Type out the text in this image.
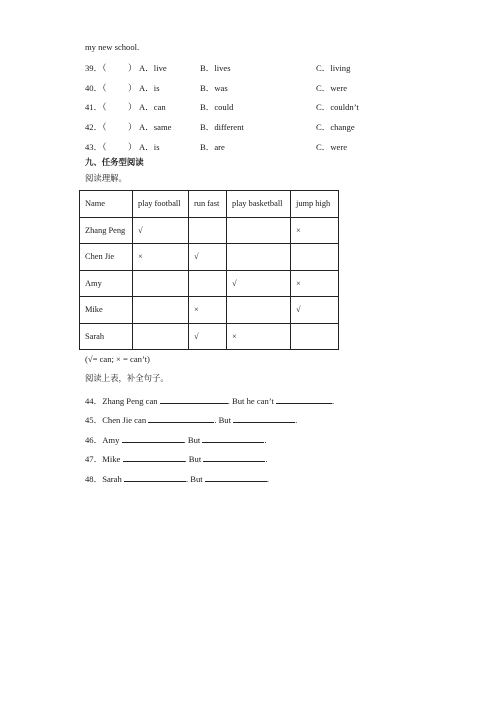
my new school.
39．（	） A．live	B．lives	C．living
40．（	） A．is	B．was	C．were
41．（	） A．can	B．could	C．couldn’t
42．（	） A．same	B．different	C．change
43．（	） A．is	B．are	C．were
九、任务型阅读
阅读理解。
Name	play football	run fast	play basketball	jump high
Zhang Peng	√			×
Chen Jie	×	√		
Amy			√	×
Mike		×		√
Sarah		√	×	
(√= can; × = can’t)
阅读上表，补全句子。
44．Zhang Peng can	. But he can’t	.
45．Chen Jie can	. But	.
46．Amy	. But	.
47．Mike	. But	.
48．Sarah	. But	.
